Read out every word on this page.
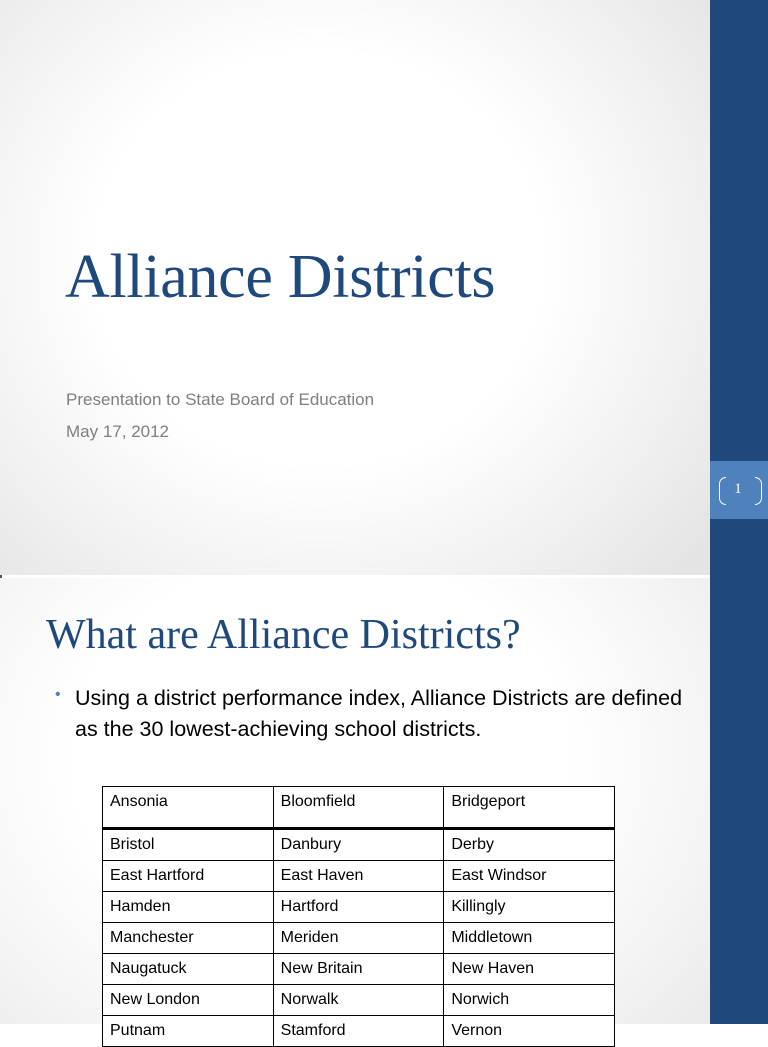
Alliance Districts

Presentation to State Board of Education

May 17, 2012

What are Alliance Districts?
• Using a district performance index, Alliance Districts are defined as the 30 lowest-achieving school districts.

Ansonia	Bloomfield	Bridgeport
Bristol	Danbury	Derby
East Hartford	East Haven	East Windsor
Hamden	Hartford	Killingly
Manchester	Meriden	Middletown
Naugatuck	New Britain	New Haven
New London	Norwalk	Norwich
Putnam	Stamford	Vernon
1
